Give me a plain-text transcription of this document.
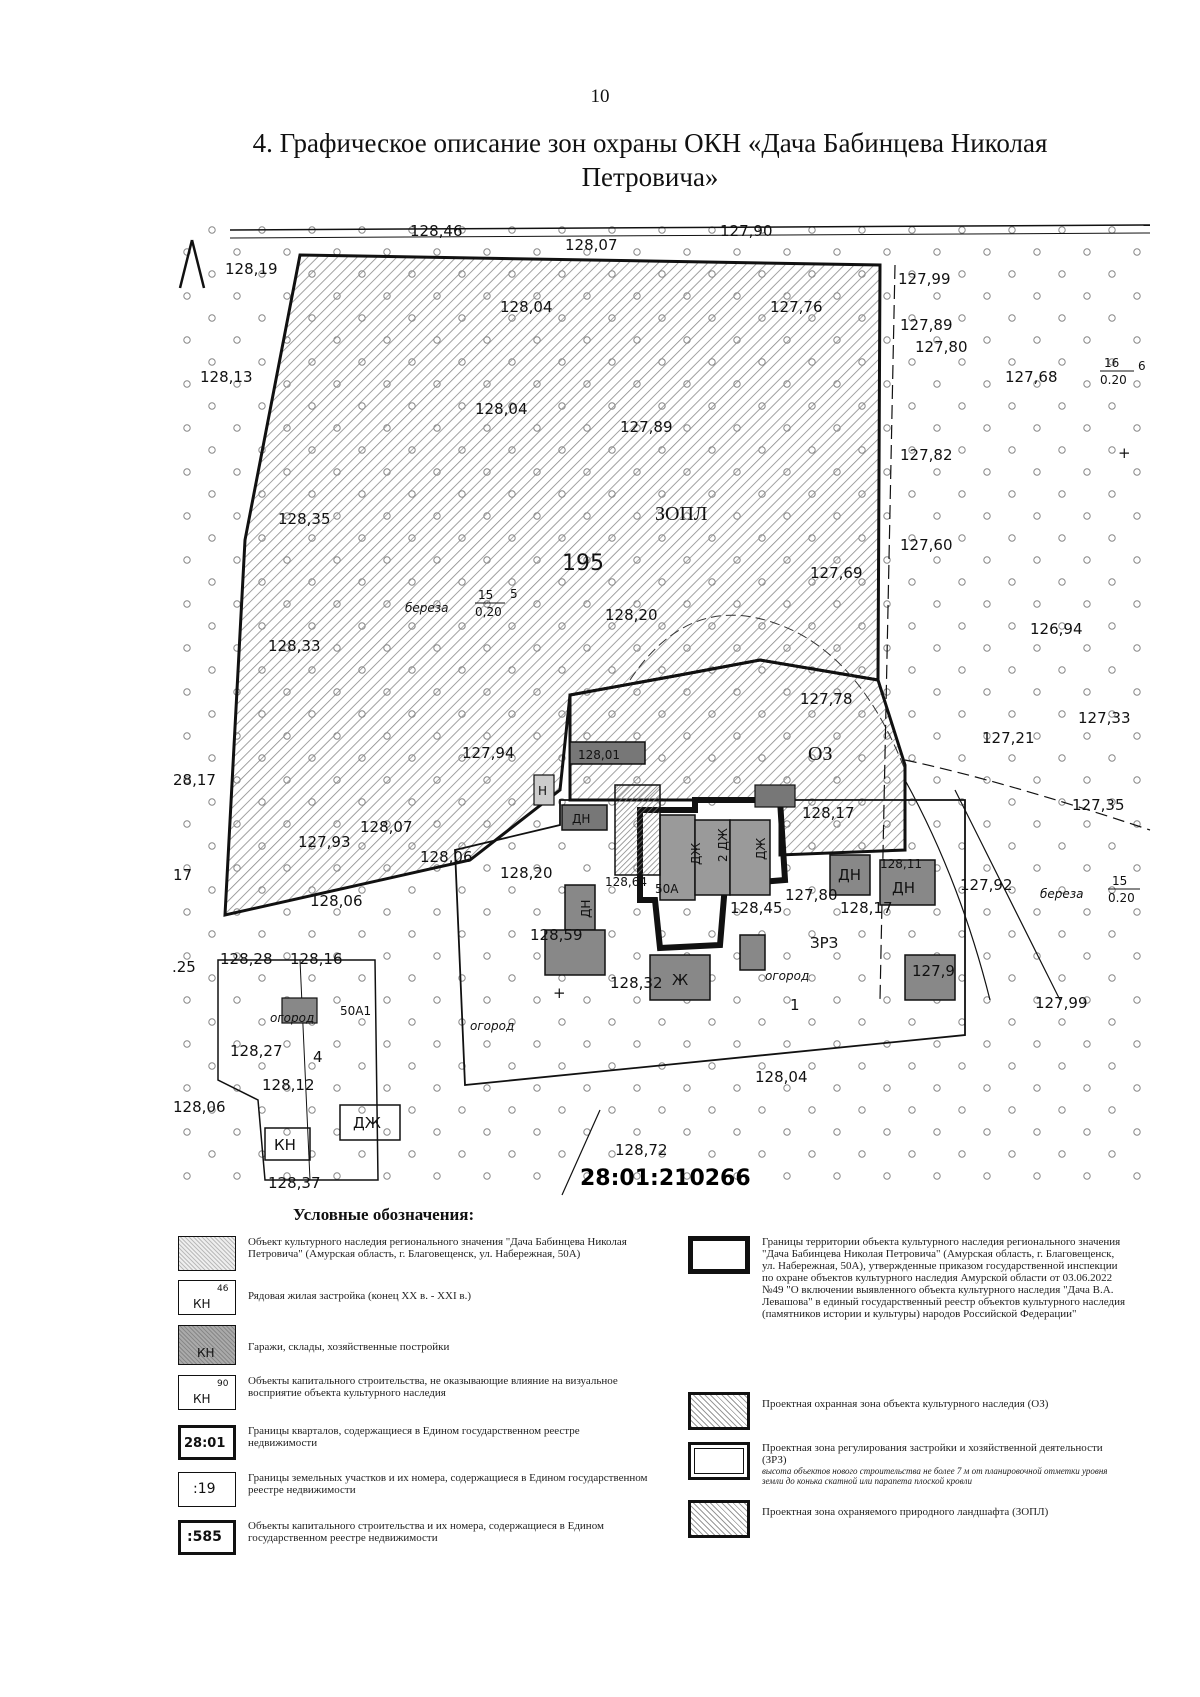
10
4. Графическое описание зон охраны ОКН «Дача Бабинцева Николая Петровича»
+
+
128,46
128,07
127,90
128,19
128,04	127,76
127,99
127,89
127,80
128,13	127,68
128,04
127,89
127,82
128,35
127,60
127,69
128,20
128,33
126,94
127,78
127,33
127,21
127,94	128,01
28,17
127,35
128,17
128,07
127,93
128,06
128,20
17	128,64
128,11
127,92
128,06	128,45
127,80
128,17
128,59
.25 128,28 128,16
128,32
127,9
127,99
128,27
128,12
128,06
128,04
128,72
128,37
50А
ЗОПЛ
ОЗ
ЗРЗ
195
1
4
ДЖ 2 ДЖ ДЖ
ДН
Н
ДН
ДН
ДН
Ж
ДЖ
КН
50А1
береза
15
0,20
5
береза
15
0.20
16
0.20
6
огород
огород
огород
28:01:210266
Условные обозначения:
Объект культурного наследия регионального значения "Дача Бабинцева Николая Петровича" (Амурская область, г. Благовещенск, ул. Набережная, 50А)
КН
46
Рядовая жилая застройка (конец XX в. - XXI в.)
КН	Гаражи, склады, хозяйственные постройки
КН
90 Объекты капитального строительства, не оказывающие влияние на визуальное восприятие объекта культурного наследия
28:01
Границы кварталов, содержащиеся в Едином государственном реестре недвижимости
:19
Границы земельных участков и их номера, содержащиеся в Едином государственном реестре недвижимости
:585
Объекты капитального строительства и их номера, содержащиеся в Едином государственном реестре недвижимости
Границы территории объекта культурного наследия регионального значения "Дача Бабинцева Николая Петровича" (Амурская область, г. Благовещенск, ул. Набережная, 50А), утвержденные приказом государственной инспекции по охране объектов культурного наследия Амурской области от 03.06.2022 №49 "О включении выявленного объекта культурного наследия "Дача В.А. Левашова" в единый государственный реестр объектов культурного наследия (памятников истории и культуры) народов Российской Федерации"
Проектная охранная зона объекта культурного наследия (ОЗ)
Проектная зона регулирования застройки и хозяйственной деятельности (ЗРЗ)
высота объектов нового строительства не более 7 м от планировочной отметки уровня земли до конька скатной или парапета плоской кровли
Проектная зона охраняемого природного ландшафта (ЗОПЛ)
